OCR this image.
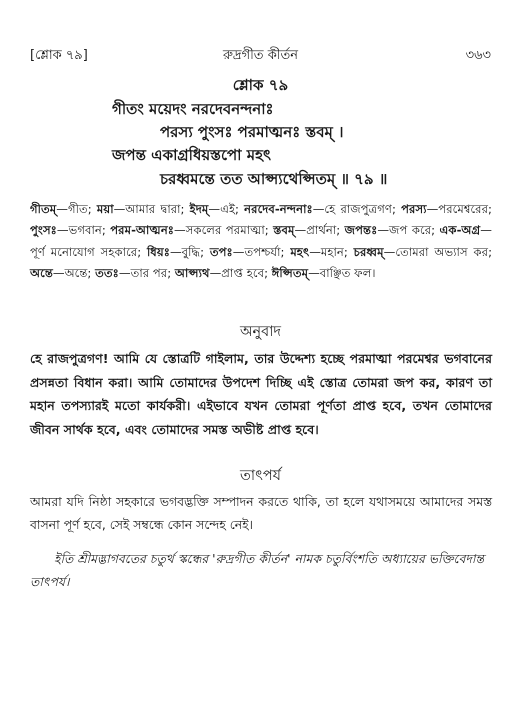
[শ্লোক ৭৯]	রুদ্রগীত কীর্তন	৩৬৩
শ্লোক ৭৯
গীতং ময়েদং নরদেবনন্দনাঃ
পরস্য পুংসঃ পরমাত্মনঃ স্তবম্ ।
জপন্ত একাগ্রধিয়স্তপো মহৎ
চরধ্বমন্তে তত আপ্স্যথেপ্সিতম্ ॥ ৭৯ ॥
গীতম্—গীত; ময়া—আমার দ্বারা; ইদম্—এই; নরদেব-নন্দনাঃ—হে রাজপুত্রগণ; পরস্য—পরমেশ্বরের; পুংসঃ—ভগবান; পরম-আত্মনঃ—সকলের পরমাত্মা; স্তবম্—প্রার্থনা; জপন্তঃ—জপ করে; এক-অগ্র—পূর্ণ মনোযোগ সহকারে; ধিয়ঃ—বুদ্ধি; তপঃ—তপশ্চর্যা; মহৎ—মহান; চরধ্বম্—তোমরা অভ্যাস কর; অন্তে—অন্তে; ততঃ—তার পর; আপ্স্যথ—প্রাপ্ত হবে; ঈপ্সিতম্—বাঞ্ছিত ফল।
অনুবাদ
হে রাজপুত্রগণ! আমি যে স্তোত্রটি গাইলাম, তার উদ্দেশ্য হচ্ছে পরমাত্মা পরমেশ্বর ভগবানের প্রসন্নতা বিধান করা। আমি তোমাদের উপদেশ দিচ্ছি এই স্তোত্র তোমরা জপ কর, কারণ তা মহান তপস্যারই মতো কার্যকরী। এইভাবে যখন তোমরা পূর্ণতা প্রাপ্ত হবে, তখন তোমাদের জীবন সার্থক হবে, এবং তোমাদের সমস্ত অভীষ্ট প্রাপ্ত হবে।
তাৎপর্য
আমরা যদি নিষ্ঠা সহকারে ভগবদ্ভক্তি সম্পাদন করতে থাকি, তা হলে যথাসময়ে আমাদের সমস্ত বাসনা পূর্ণ হবে, সেই সম্বন্ধে কোন সন্দেহ নেই।
ইতি শ্রীমদ্ভাগবতের চতুর্থ স্কন্ধের 'রুদ্রগীত কীর্তন' নামক চতুর্বিংশতি অধ্যায়ের ভক্তিবেদান্ত তাৎপর্য।
